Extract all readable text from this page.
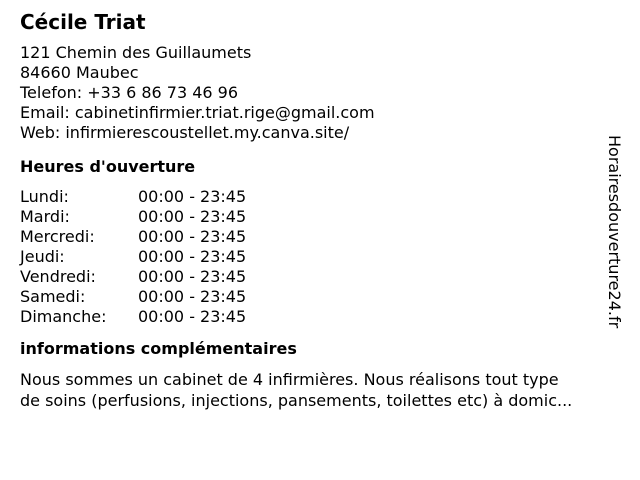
Cécile Triat
121 Chemin des Guillaumets
84660 Maubec
Telefon: +33 6 86 73 46 96
Email: cabinetinfirmier.triat.rige@gmail.com
Web: infirmierescoustellet.my.canva.site/
Heures d'ouverture
Lundi:	00:00 - 23:45
Mardi:	00:00 - 23:45
Mercredi:	00:00 - 23:45
Jeudi:	00:00 - 23:45
Vendredi:	00:00 - 23:45
Samedi:	00:00 - 23:45
Dimanche:	00:00 - 23:45
informations complémentaires
Nous sommes un cabinet de 4 infirmières. Nous réalisons tout type
de soins (perfusions, injections, pansements, toilettes etc) à domic...
Horairesdouverture24.fr
